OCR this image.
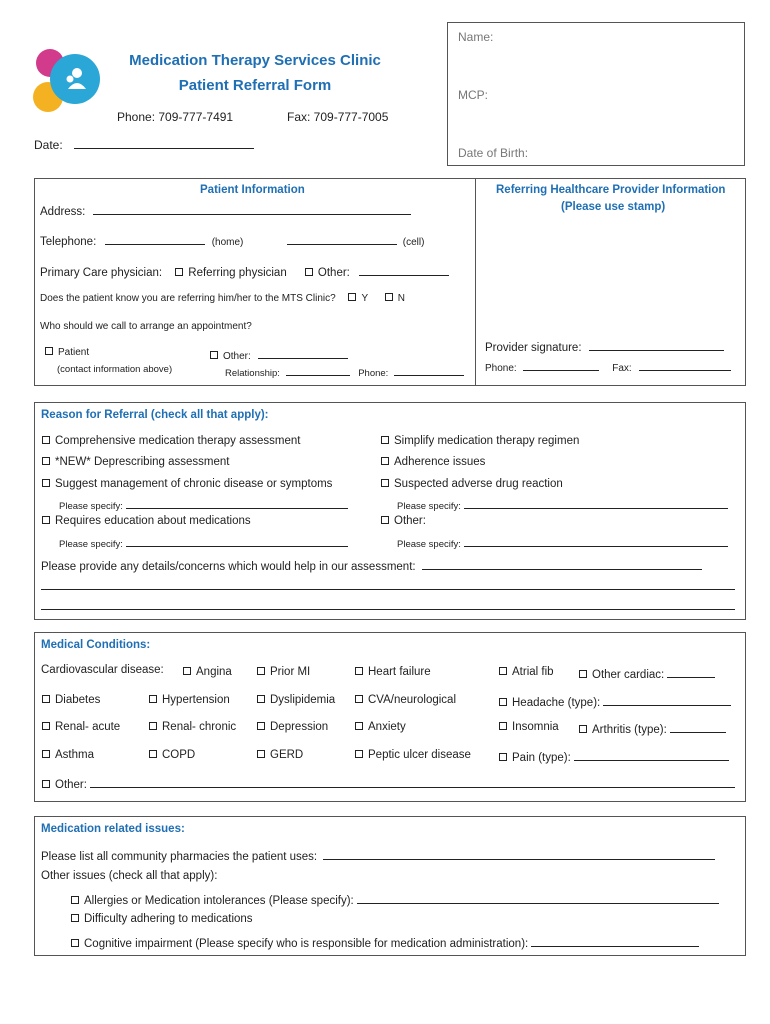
Medication Therapy Services Clinic
Patient Referral Form
Phone: 709-777-7491	Fax: 709-777-7005
Date:
Name:
MCP:
Date of Birth:
Patient Information
Address:
Telephone:	(home)	(cell)
Primary Care physician: Referring physician	Other:
Does the patient know you are referring him/her to the MTS Clinic?	Y	N
Who should we call to arrange an appointment?
Patient
(contact information above)
Other:
Relationship:	Phone:
Referring Healthcare Provider Information
(Please use stamp)
Provider signature:
Phone:	Fax:
Reason for Referral (check all that apply):
Comprehensive medication therapy assessment
*NEW* Deprescribing assessment
Suggest management of chronic disease or symptoms
Please specify:
Requires education about medications
Please specify:
Simplify medication therapy regimen
Adherence issues
Suspected adverse drug reaction
Please specify:
Other:
Please specify:
Please provide any details/concerns which would help in our assessment:
Medical Conditions:
Cardiovascular disease:	Angina	Prior MI	Heart failure	Atrial fib	Other cardiac:
Diabetes	Hypertension	Dyslipidemia	CVA/neurological	Headache (type):
Renal- acute	Renal- chronic	Depression	Anxiety	Insomnia	Arthritis (type):
Asthma	COPD	GERD	Peptic ulcer disease	Pain (type):
Other:
Medication related issues:
Please list all community pharmacies the patient uses:
Other issues (check all that apply):
Allergies or Medication intolerances (Please specify):
Difficulty adhering to medications
Cognitive impairment (Please specify who is responsible for medication administration):
